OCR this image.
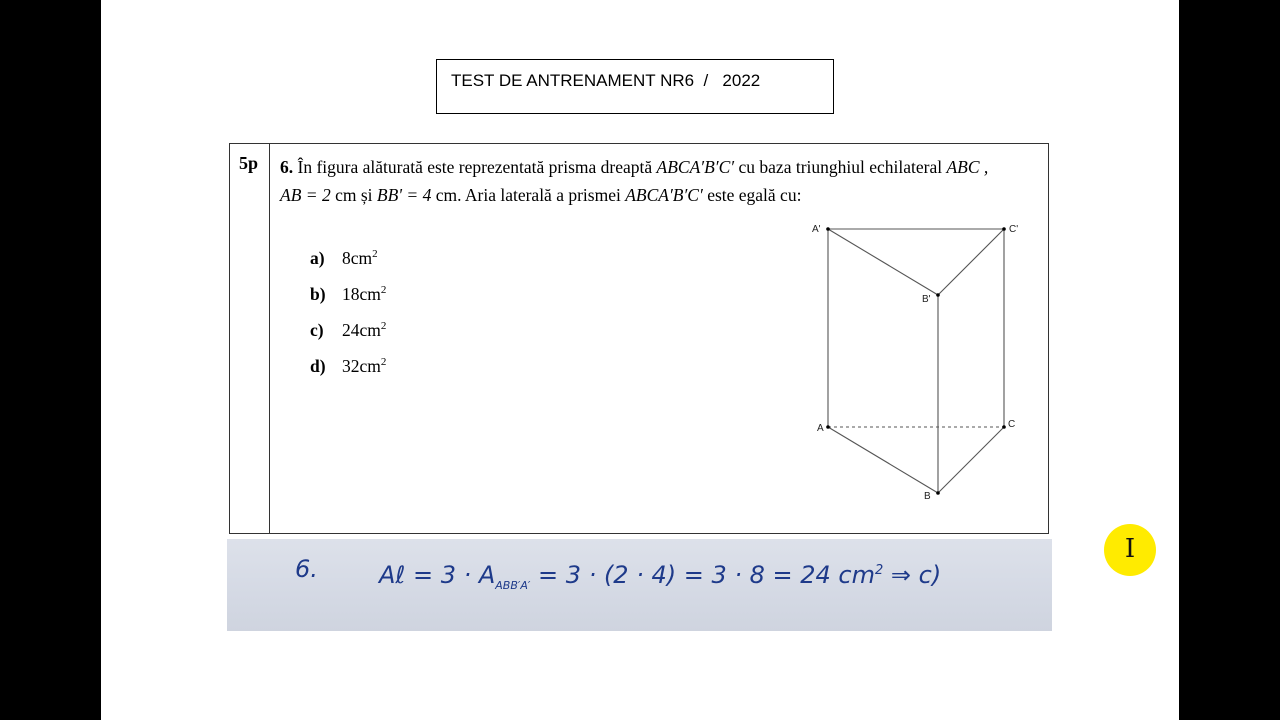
TEST DE ANTRENAMENT NR6  /   2022
5p 6. În figura alăturată este reprezentată prisma dreaptă ABCA′B′C′ cu baza triunghiul echilateral ABC ,
AB = 2 cm și BB' = 4 cm. Aria laterală a prismei ABCA′B′C′ este egală cu:
a) $8cm^2$
b) $18cm^2$
c) $24cm^2$
d) $32cm^2$
A'	C'
B'
A	C
B
6.	Aℓ = $3 \cdot A_{ABB'A'} = 3 \cdot (2 \cdot 4) = 3 \cdot 8 = 24$ $cm^2$ ⇒ c)
I
